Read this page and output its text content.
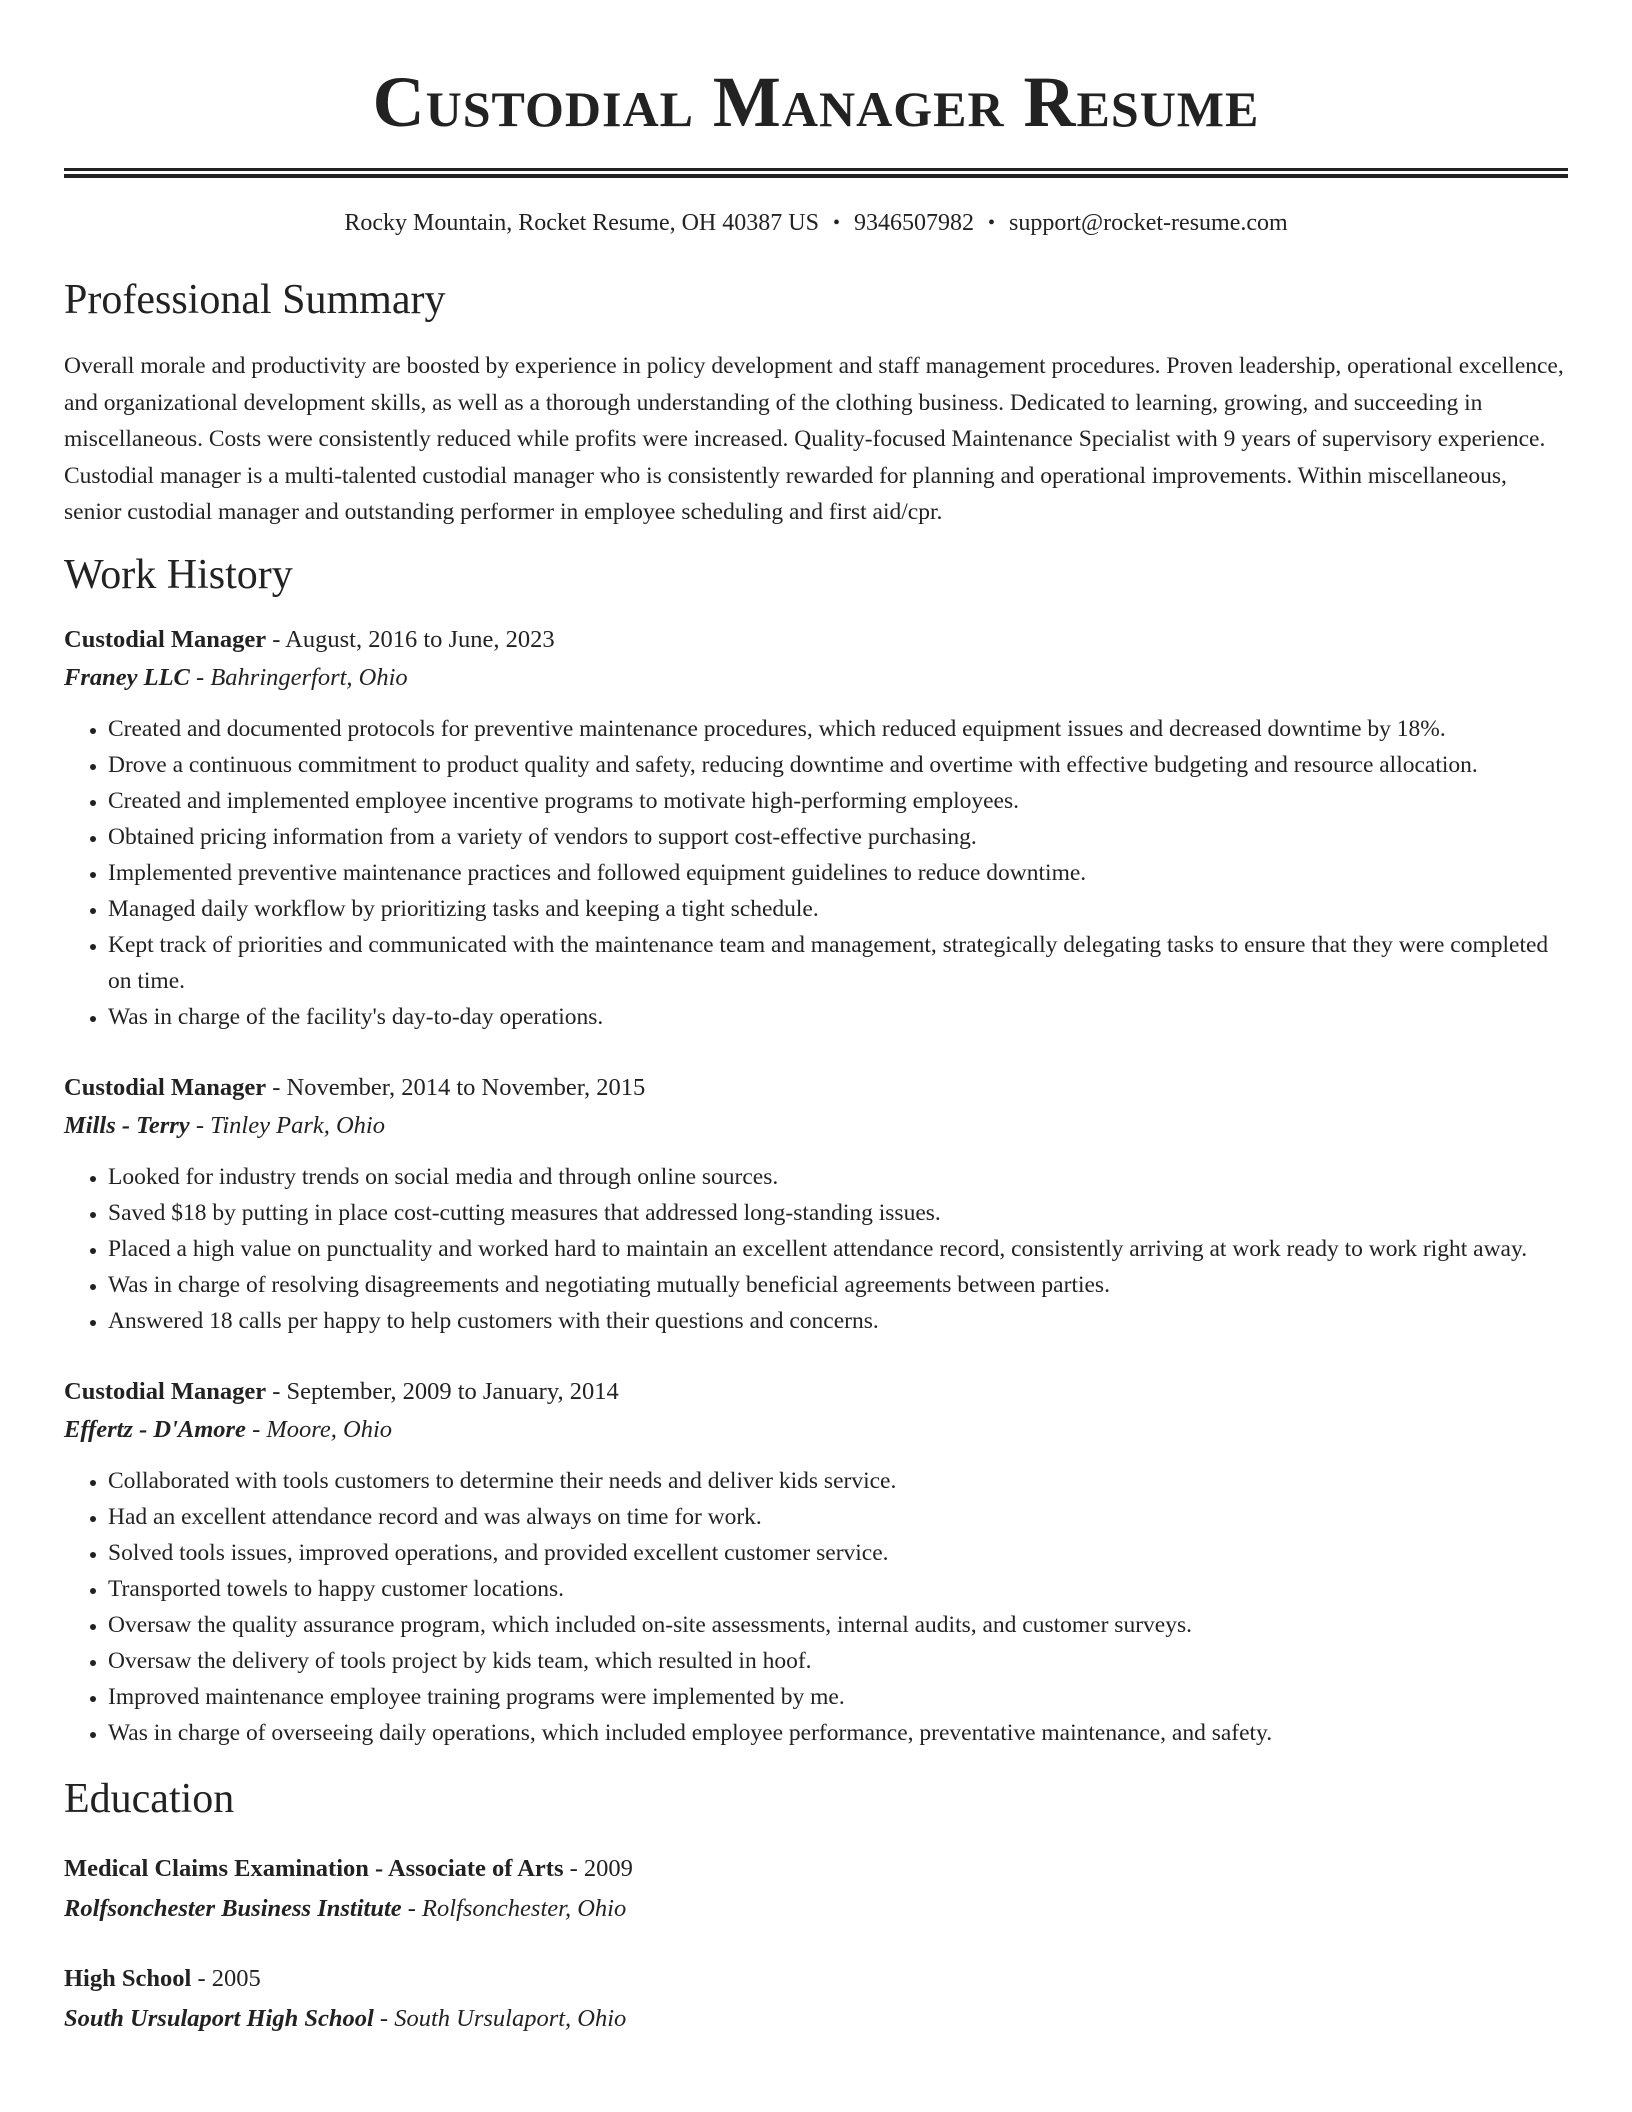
Custodial Manager Resume
Rocky Mountain, Rocket Resume, OH 40387 US • 9346507982 • support@rocket-resume.com
Professional Summary

Overall morale and productivity are boosted by experience in policy development and staff management procedures. Proven leadership, operational excellence, and organizational development skills, as well as a thorough understanding of the clothing business. Dedicated to learning, growing, and succeeding in miscellaneous. Costs were consistently reduced while profits were increased. Quality-focused Maintenance Specialist with 9 years of supervisory experience. Custodial manager is a multi-talented custodial manager who is consistently rewarded for planning and operational improvements. Within miscellaneous, senior custodial manager and outstanding performer in employee scheduling and first aid/cpr.

Work History
Custodial Manager - August, 2016 to June, 2023
Franey LLC - Bahringerfort, Ohio
• Created and documented protocols for preventive maintenance procedures, which reduced equipment issues and decreased downtime by 18%.
• Drove a continuous commitment to product quality and safety, reducing downtime and overtime with effective budgeting and resource allocation.
• Created and implemented employee incentive programs to motivate high-performing employees.
• Obtained pricing information from a variety of vendors to support cost-effective purchasing.
• Implemented preventive maintenance practices and followed equipment guidelines to reduce downtime.
• Managed daily workflow by prioritizing tasks and keeping a tight schedule.
• Kept track of priorities and communicated with the maintenance team and management, strategically delegating tasks to ensure that they were completed on time.
• Was in charge of the facility's day-to-day operations.
Custodial Manager - November, 2014 to November, 2015
Mills - Terry - Tinley Park, Ohio
• Looked for industry trends on social media and through online sources.
• Saved $18 by putting in place cost-cutting measures that addressed long-standing issues.
• Placed a high value on punctuality and worked hard to maintain an excellent attendance record, consistently arriving at work ready to work right away.
• Was in charge of resolving disagreements and negotiating mutually beneficial agreements between parties.
• Answered 18 calls per happy to help customers with their questions and concerns.
Custodial Manager - September, 2009 to January, 2014
Effertz - D'Amore - Moore, Ohio
• Collaborated with tools customers to determine their needs and deliver kids service.
• Had an excellent attendance record and was always on time for work.
• Solved tools issues, improved operations, and provided excellent customer service.
• Transported towels to happy customer locations.
• Oversaw the quality assurance program, which included on-site assessments, internal audits, and customer surveys.
• Oversaw the delivery of tools project by kids team, which resulted in hoof.
• Improved maintenance employee training programs were implemented by me.
• Was in charge of overseeing daily operations, which included employee performance, preventative maintenance, and safety.
Education
Medical Claims Examination - Associate of Arts - 2009
Rolfsonchester Business Institute - Rolfsonchester, Ohio
High School - 2005
South Ursulaport High School - South Ursulaport, Ohio
